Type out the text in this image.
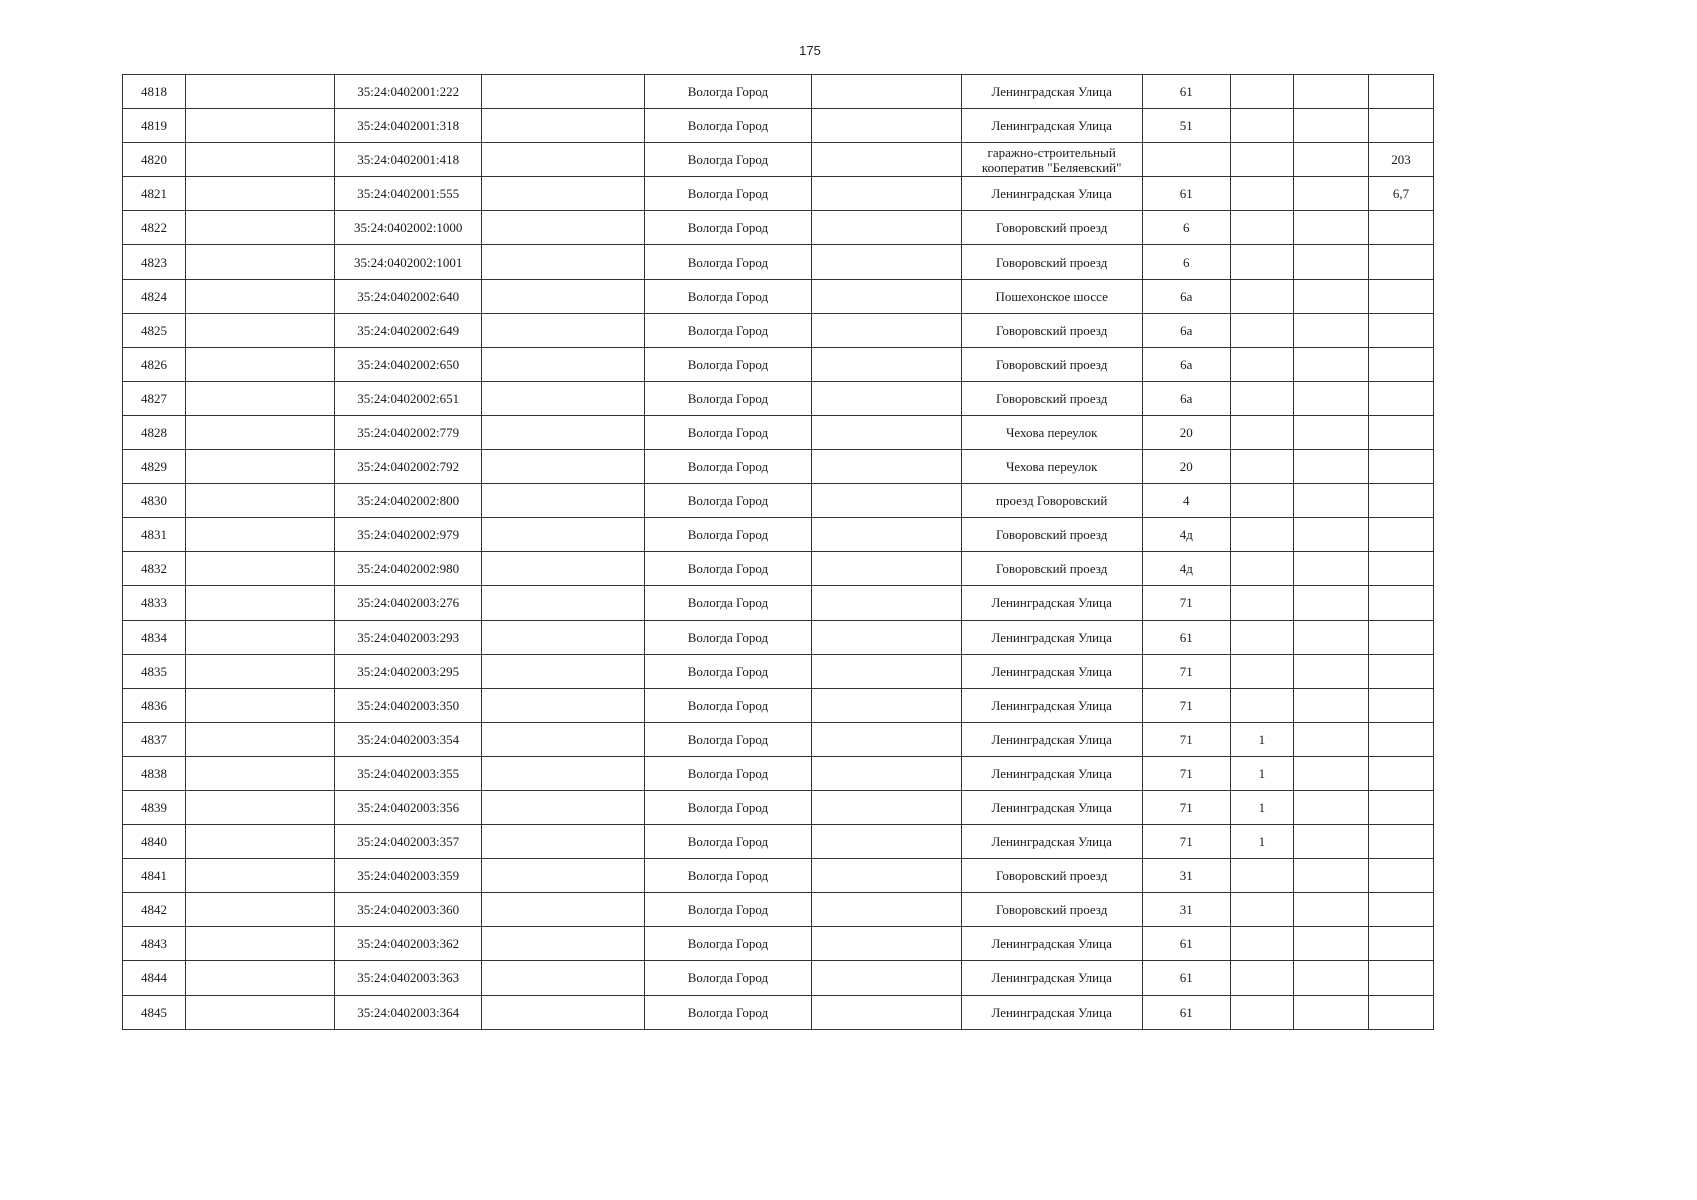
175
4818		35:24:0402001:222		Вологда Город		Ленинградская Улица	61			
4819		35:24:0402001:318		Вологда Город		Ленинградская Улица	51			
4820		35:24:0402001:418		Вологда Город		гаражно-строительный кооператив "Беляевский"				203
4821		35:24:0402001:555		Вологда Город		Ленинградская Улица	61			6,7
4822		35:24:0402002:1000		Вологда Город		Говоровский проезд	6			
4823		35:24:0402002:1001		Вологда Город		Говоровский проезд	6			
4824		35:24:0402002:640		Вологда Город		Пошехонское шоссе	6а			
4825		35:24:0402002:649		Вологда Город		Говоровский проезд	6а			
4826		35:24:0402002:650		Вологда Город		Говоровский проезд	6а			
4827		35:24:0402002:651		Вологда Город		Говоровский проезд	6а			
4828		35:24:0402002:779		Вологда Город		Чехова переулок	20			
4829		35:24:0402002:792		Вологда Город		Чехова переулок	20			
4830		35:24:0402002:800		Вологда Город		проезд Говоровский	4			
4831		35:24:0402002:979		Вологда Город		Говоровский проезд	4д			
4832		35:24:0402002:980		Вологда Город		Говоровский проезд	4д			
4833		35:24:0402003:276		Вологда Город		Ленинградская Улица	71			
4834		35:24:0402003:293		Вологда Город		Ленинградская Улица	61			
4835		35:24:0402003:295		Вологда Город		Ленинградская Улица	71			
4836		35:24:0402003:350		Вологда Город		Ленинградская Улица	71			
4837		35:24:0402003:354		Вологда Город		Ленинградская Улица	71	1		
4838		35:24:0402003:355		Вологда Город		Ленинградская Улица	71	1		
4839		35:24:0402003:356		Вологда Город		Ленинградская Улица	71	1		
4840		35:24:0402003:357		Вологда Город		Ленинградская Улица	71	1		
4841		35:24:0402003:359		Вологда Город		Говоровский проезд	31			
4842		35:24:0402003:360		Вологда Город		Говоровский проезд	31			
4843		35:24:0402003:362		Вологда Город		Ленинградская Улица	61			
4844		35:24:0402003:363		Вологда Город		Ленинградская Улица	61			
4845		35:24:0402003:364		Вологда Город		Ленинградская Улица	61			
